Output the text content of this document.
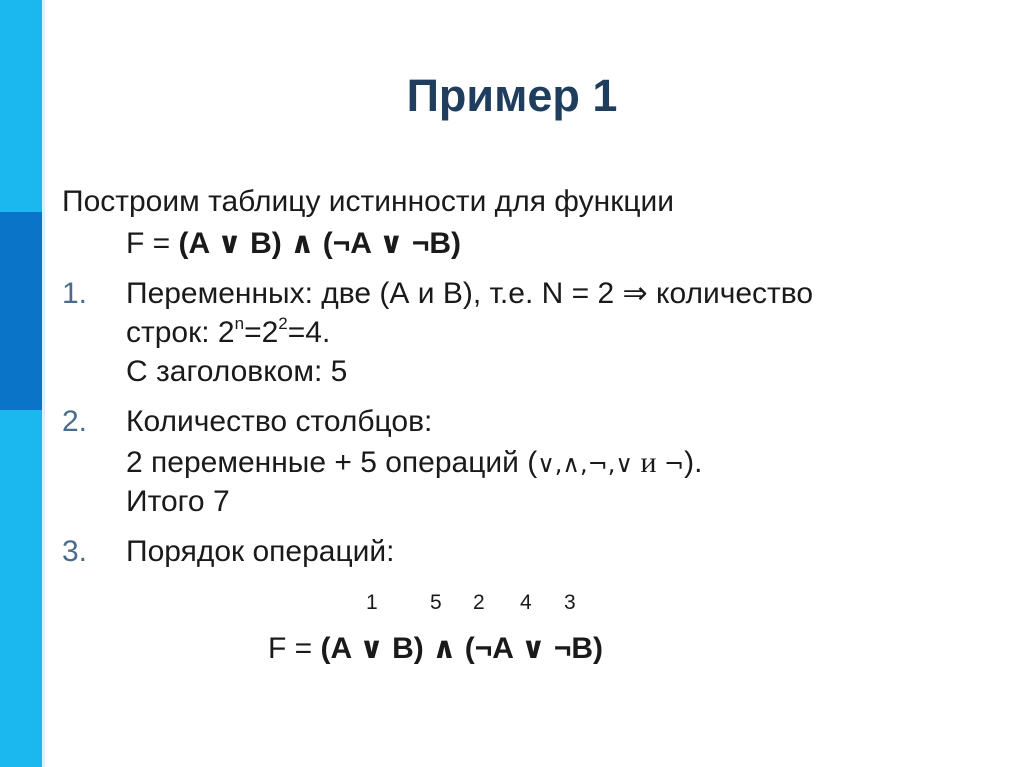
Пример 1
Построим таблицу истинности для функции
F = (A ∨ B) ∧ (¬A ∨ ¬B)
1. Переменных: две (А и В), т.е. N = 2 ⇒ количество
строк: $2^n=2^2=4$.
С заголовком: 5
2. Количество столбцов:
2 переменные + 5 операций (∨,∧,¬,∨ и ¬).
Итого 7
3. Порядок операций:
1 5 2 4 3
F = (A ∨ B) ∧ (¬A ∨ ¬B)
